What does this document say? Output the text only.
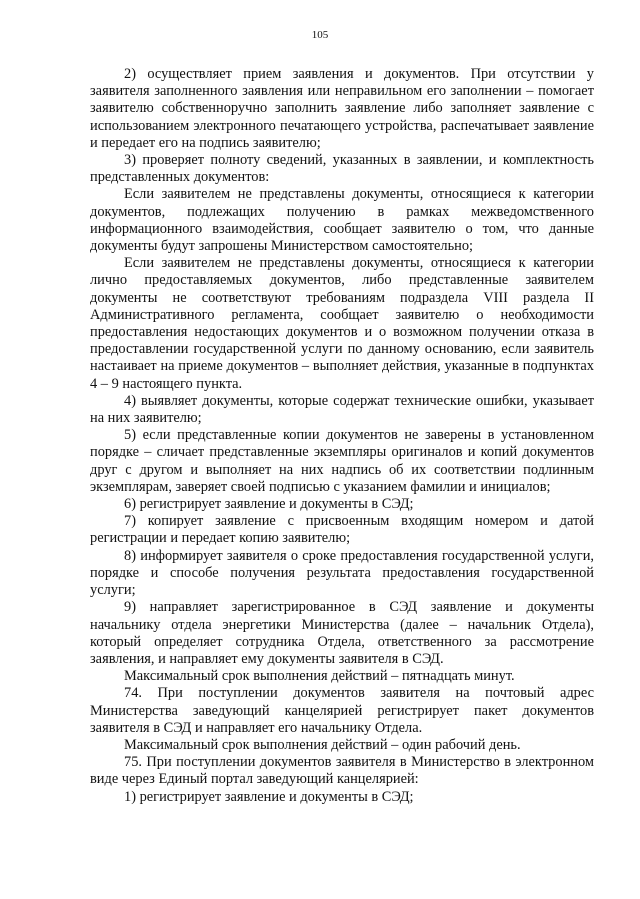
105

2) осуществляет прием заявления и документов. При отсутствии у заявителя заполненного заявления или неправильном его заполнении – помогает заявителю собственноручно заполнить заявление либо заполняет заявление с использованием электронного печатающего устройства, распечатывает заявление и передает его на подпись заявителю;

3) проверяет полноту сведений, указанных в заявлении, и комплектность представленных документов:

Если заявителем не представлены документы, относящиеся к категории документов, подлежащих получению в рамках межведомственного информационного взаимодействия, сообщает заявителю о том, что данные документы будут запрошены Министерством самостоятельно;

Если заявителем не представлены документы, относящиеся к категории лично предоставляемых документов, либо представленные заявителем документы не соответствуют требованиям подраздела VIII раздела II Административного регламента, сообщает заявителю о необходимости предоставления недостающих документов и о возможном получении отказа в предоставлении государственной услуги по данному основанию, если заявитель настаивает на приеме документов – выполняет действия, указанные в подпунктах 4 – 9 настоящего пункта.

4) выявляет документы, которые содержат технические ошибки, указывает на них заявителю;

5) если представленные копии документов не заверены в установленном порядке – сличает представленные экземпляры оригиналов и копий документов друг с другом и выполняет на них надпись об их соответствии подлинным экземплярам, заверяет своей подписью с указанием фамилии и инициалов;

6) регистрирует заявление и документы в СЭД;

7) копирует заявление с присвоенным входящим номером и датой регистрации и передает копию заявителю;

8) информирует заявителя о сроке предоставления государственной услуги, порядке и способе получения результата предоставления государственной услуги;

9) направляет зарегистрированное в СЭД заявление и документы начальнику отдела энергетики Министерства (далее – начальник Отдела), который определяет сотрудника Отдела, ответственного за рассмотрение заявления, и направляет ему документы заявителя в СЭД.

Максимальный срок выполнения действий – пятнадцать минут.

74. При поступлении документов заявителя на почтовый адрес Министерства заведующий канцелярией регистрирует пакет документов заявителя в СЭД и направляет его начальнику Отдела.

Максимальный срок выполнения действий – один рабочий день.

75. При поступлении документов заявителя в Министерство в электронном виде через Единый портал заведующий канцелярией:

1) регистрирует заявление и документы в СЭД;
